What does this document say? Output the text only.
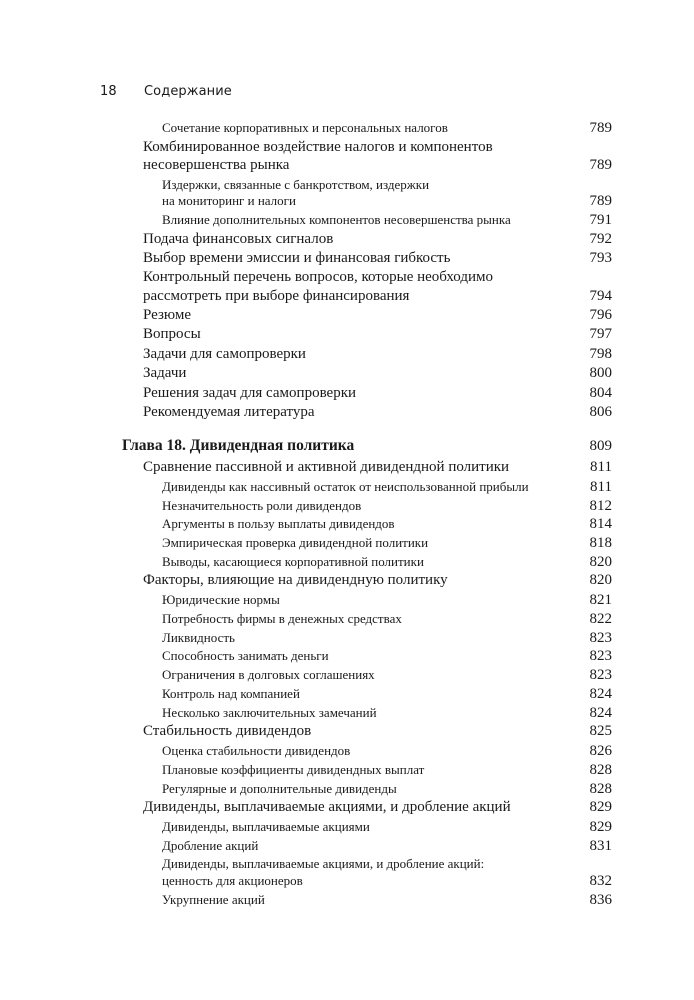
18 Содержание
Сочетание корпоративных и персональных налогов	789
Комбинированное воздействие налогов и компонентов
несовершенства рынка	789
Издержки, связанные с банкротством, издержки
на мониторинг и налоги	789
Влияние дополнительных компонентов несовершенства рынка	791
Подача финансовых сигналов	792
Выбор времени эмиссии и финансовая гибкость	793
Контрольный перечень вопросов, которые необходимо
рассмотреть при выборе финансирования	794
Резюме	796
Вопросы	797
Задачи для самопроверки	798
Задачи	800
Решения задач для самопроверки	804
Рекомендуемая литература	806
Глава 18. Дивидендная политика	809
Сравнение пассивной и активной дивидендной политики	811
Дивиденды как нассивный остаток от неиспользованной прибыли	811
Незначительность роли дивидендов	812
Аргументы в пользу выплаты дивидендов	814
Эмпирическая проверка дивидендной политики	818
Выводы, касающиеся корпоративной политики	820
Факторы, влияющие на дивидендную политику	820
Юридические нормы	821
Потребность фирмы в денежных средствах	822
Ликвидность	823
Способность занимать деньги	823
Ограничения в долговых соглашениях	823
Контроль над компанией	824
Несколько заключительных замечаний	824
Стабильность дивидендов	825
Оценка стабильности дивидендов	826
Плановые коэффициенты дивидендных выплат	828
Регулярные и дополнительные дивиденды	828
Дивиденды, выплачиваемые акциями, и дробление акций	829
Дивиденды, выплачиваемые акциями	829
Дробление акций	831
Дивиденды, выплачиваемые акциями, и дробление акций:
ценность для акционеров	832
Укрупнение акций	836
